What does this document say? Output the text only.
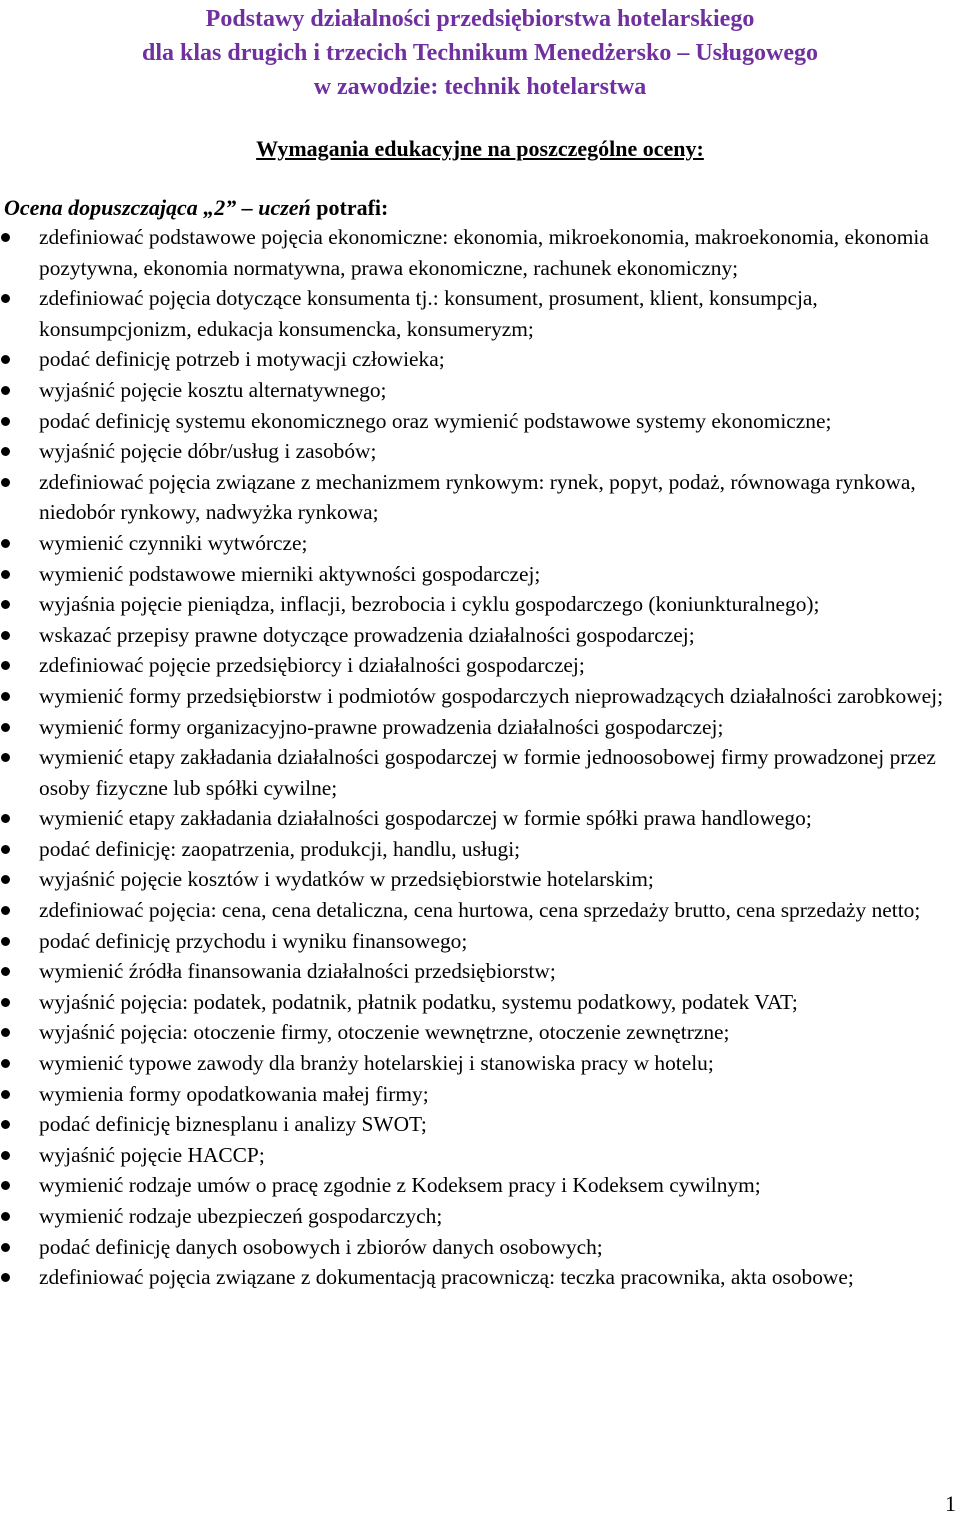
Podstawy działalności przedsiębiorstwa hotelarskiego
dla klas drugich i trzecich Technikum Menedżersko – Usługowego
w zawodzie: technik hotelarstwa
Wymagania edukacyjne na poszczególne oceny:
Ocena dopuszczająca „2” – uczeń potrafi:
zdefiniować podstawowe pojęcia ekonomiczne: ekonomia, mikroekonomia, makroekonomia, ekonomia pozytywna, ekonomia normatywna, prawa ekonomiczne, rachunek ekonomiczny;
zdefiniować pojęcia dotyczące konsumenta tj.: konsument, prosument, klient, konsumpcja, konsumpcjonizm, edukacja konsumencka, konsumeryzm;
podać definicję potrzeb i motywacji człowieka;
wyjaśnić pojęcie kosztu alternatywnego;
podać definicję systemu ekonomicznego oraz wymienić podstawowe systemy ekonomiczne;
wyjaśnić pojęcie dóbr/usług i zasobów;
zdefiniować pojęcia związane z mechanizmem rynkowym: rynek, popyt, podaż, równowaga rynkowa, niedobór rynkowy, nadwyżka rynkowa;
wymienić czynniki wytwórcze;
wymienić podstawowe mierniki aktywności gospodarczej;
wyjaśnia pojęcie pieniądza, inflacji, bezrobocia i cyklu gospodarczego (koniunkturalnego);
wskazać przepisy prawne dotyczące prowadzenia działalności gospodarczej;
zdefiniować pojęcie przedsiębiorcy i działalności gospodarczej;
wymienić formy przedsiębiorstw i podmiotów gospodarczych nieprowadzących działalności zarobkowej;
wymienić formy organizacyjno-prawne prowadzenia działalności gospodarczej;
wymienić etapy zakładania działalności gospodarczej w formie jednoosobowej firmy prowadzonej przez osoby fizyczne lub spółki cywilne;
wymienić etapy zakładania działalności gospodarczej w formie spółki prawa handlowego;
podać definicję: zaopatrzenia, produkcji, handlu, usługi;
wyjaśnić pojęcie kosztów i wydatków w przedsiębiorstwie hotelarskim;
zdefiniować pojęcia: cena, cena detaliczna, cena hurtowa, cena sprzedaży brutto, cena sprzedaży netto;
podać definicję przychodu i wyniku finansowego;
wymienić źródła finansowania działalności przedsiębiorstw;
wyjaśnić pojęcia: podatek, podatnik, płatnik podatku, systemu podatkowy, podatek VAT;
wyjaśnić pojęcia: otoczenie firmy, otoczenie wewnętrzne, otoczenie zewnętrzne;
wymienić typowe zawody dla branży hotelarskiej i stanowiska pracy w hotelu;
wymienia formy opodatkowania małej firmy;
podać definicję biznesplanu i analizy SWOT;
wyjaśnić pojęcie HACCP;
wymienić rodzaje umów o pracę zgodnie z Kodeksem pracy i Kodeksem cywilnym;
wymienić rodzaje ubezpieczeń gospodarczych;
podać definicję danych osobowych i zbiorów danych osobowych;
zdefiniować pojęcia związane z dokumentacją pracowniczą: teczka pracownika, akta osobowe;
1
